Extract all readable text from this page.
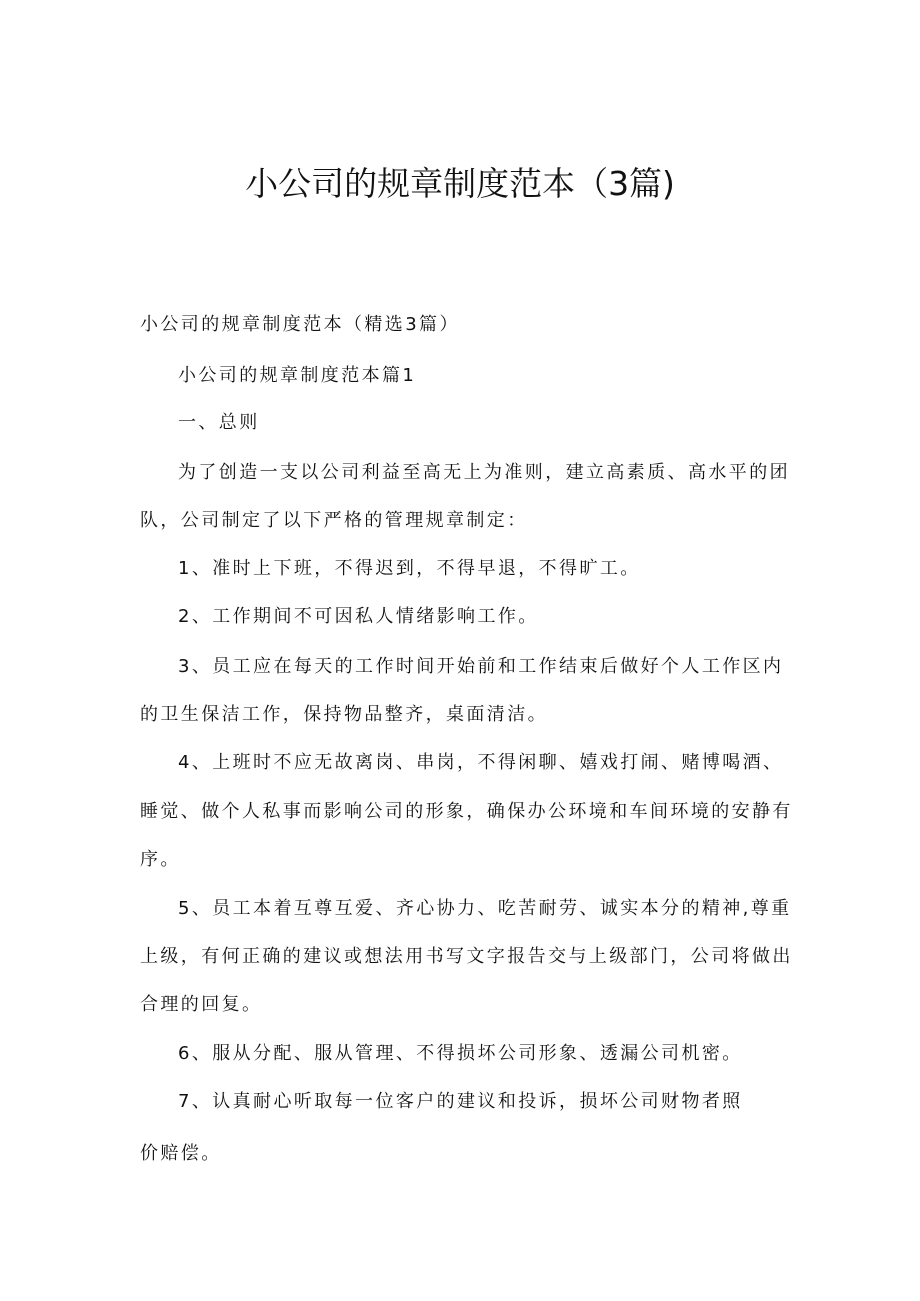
小公司的规章制度范本（3篇)
小公司的规章制度范本（精选3篇）
小公司的规章制度范本篇1
一、总则
为了创造一支以公司利益至高无上为准则，建立高素质、高水平的团
队，公司制定了以下严格的管理规章制定：
1、准时上下班，不得迟到，不得早退，不得旷工。
2、工作期间不可因私人情绪影响工作。
3、员工应在每天的工作时间开始前和工作结束后做好个人工作区内
的卫生保洁工作，保持物品整齐，桌面清洁。
4、上班时不应无故离岗、串岗，不得闲聊、嬉戏打闹、赌博喝酒、
睡觉、做个人私事而影响公司的形象，确保办公环境和车间环境的安静有
序。
5、员工本着互尊互爱、齐心协力、吃苦耐劳、诚实本分的精神,尊重
上级，有何正确的建议或想法用书写文字报告交与上级部门，公司将做出
合理的回复。
6、服从分配、服从管理、不得损坏公司形象、透漏公司机密。
7、认真耐心听取每一位客户的建议和投诉，损坏公司财物者照
价赔偿。
